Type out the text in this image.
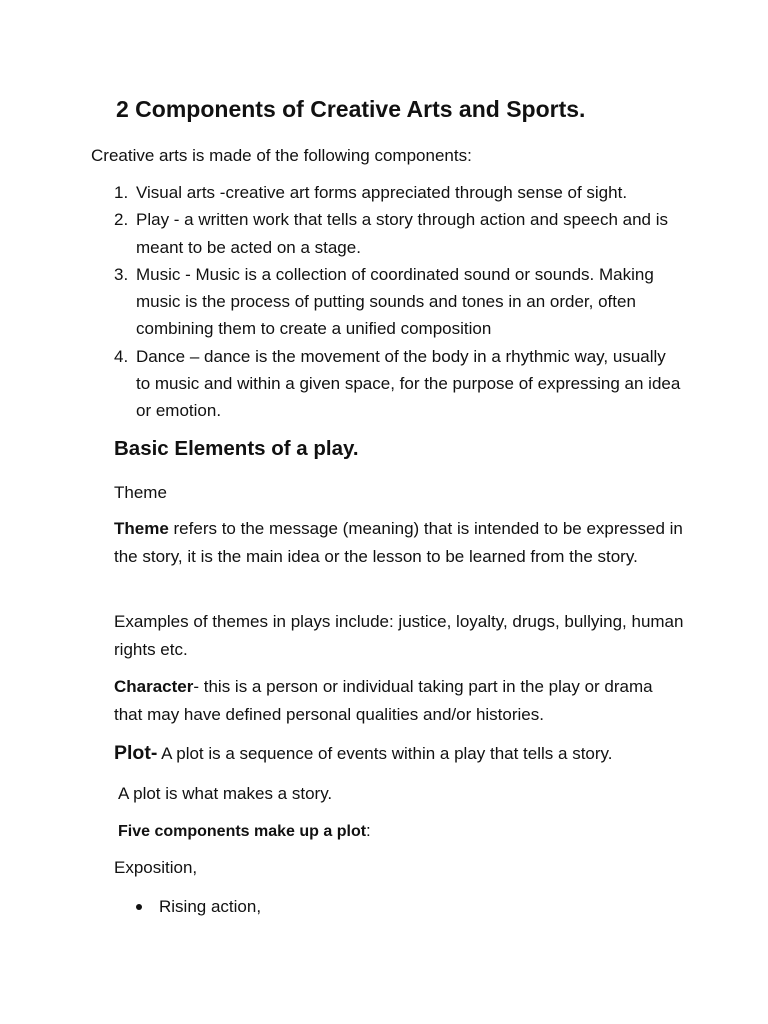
2 Components of Creative Arts and Sports.

Creative arts is made of the following components:

1. Visual arts -creative art forms appreciated through sense of sight.
2. Play - a written work that tells a story through action and speech and is meant to be acted on a stage.
3. Music - Music is a collection of coordinated sound or sounds. Making music is the process of putting sounds and tones in an order, often combining them to create a unified composition
4. Dance – dance is the movement of the body in a rhythmic way, usually to music and within a given space, for the purpose of expressing an idea or emotion.
Basic Elements of a play.

Theme

Theme refers to the message (meaning) that is intended to be expressed in the story, it is the main idea or the lesson to be learned from the story.

Examples of themes in plays include: justice, loyalty, drugs, bullying, human rights etc.

Character- this is a person or individual taking part in the play or drama that may have defined personal qualities and/or histories.

Plot- A plot is a sequence of events within a play that tells a story.

A plot is what makes a story.

Five components make up a plot:

Exposition,

Rising action,
